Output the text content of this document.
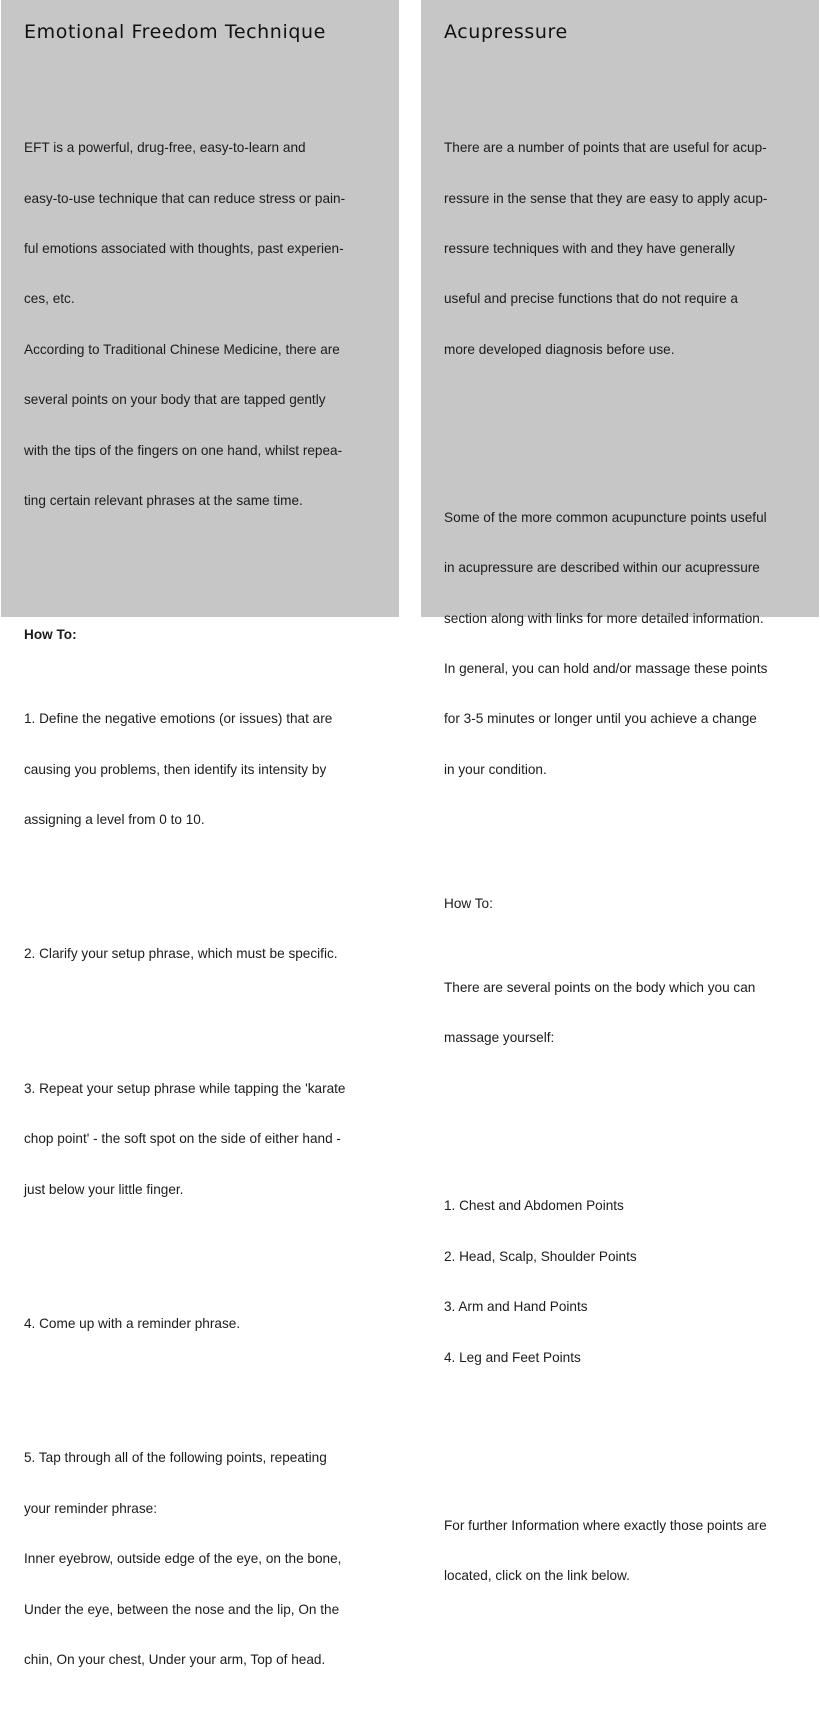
Emotional Freedom Technique

EFT is a powerful, drug-free, easy-to-learn and

easy-to-use technique that can reduce stress or pain-

ful emotions associated with thoughts, past experien-

ces, etc.

According to Traditional Chinese Medicine, there are

several points on your body that are tapped gently

with the tips of the fingers on one hand, whilst repea-

ting certain relevant phrases at the same time.

How To:

1. Define the negative emotions (or issues) that are

causing you problems, then identify its intensity by

assigning a level from 0 to 10.

2. Clarify your setup phrase, which must be specific.

3. Repeat your setup phrase while tapping the 'karate

chop point' - the soft spot on the side of either hand -

just below your little finger.

4. Come up with a reminder phrase.

5. Tap through all of the following points, repeating

your reminder phrase:

Inner eyebrow, outside edge of the eye, on the bone,

Under the eye, between the nose and the lip, On the

chin, On your chest, Under your arm, Top of head.

Acupressure

There are a number of points that are useful for acup-

ressure in the sense that they are easy to apply acup-

ressure techniques with and they have generally

useful and precise functions that do not require a

more developed diagnosis before use.

Some of the more common acupuncture points useful

in acupressure are described within our acupressure

section along with links for more detailed information.

In general, you can hold and/or massage these points

for 3-5 minutes or longer until you achieve a change

in your condition.

How To:

There are several points on the body which you can

massage yourself:

1. Chest and Abdomen Points

2. Head, Scalp, Shoulder Points

3. Arm and Hand Points

4. Leg and Feet Points

For further Information where exactly those points are

located, click on the link below.
